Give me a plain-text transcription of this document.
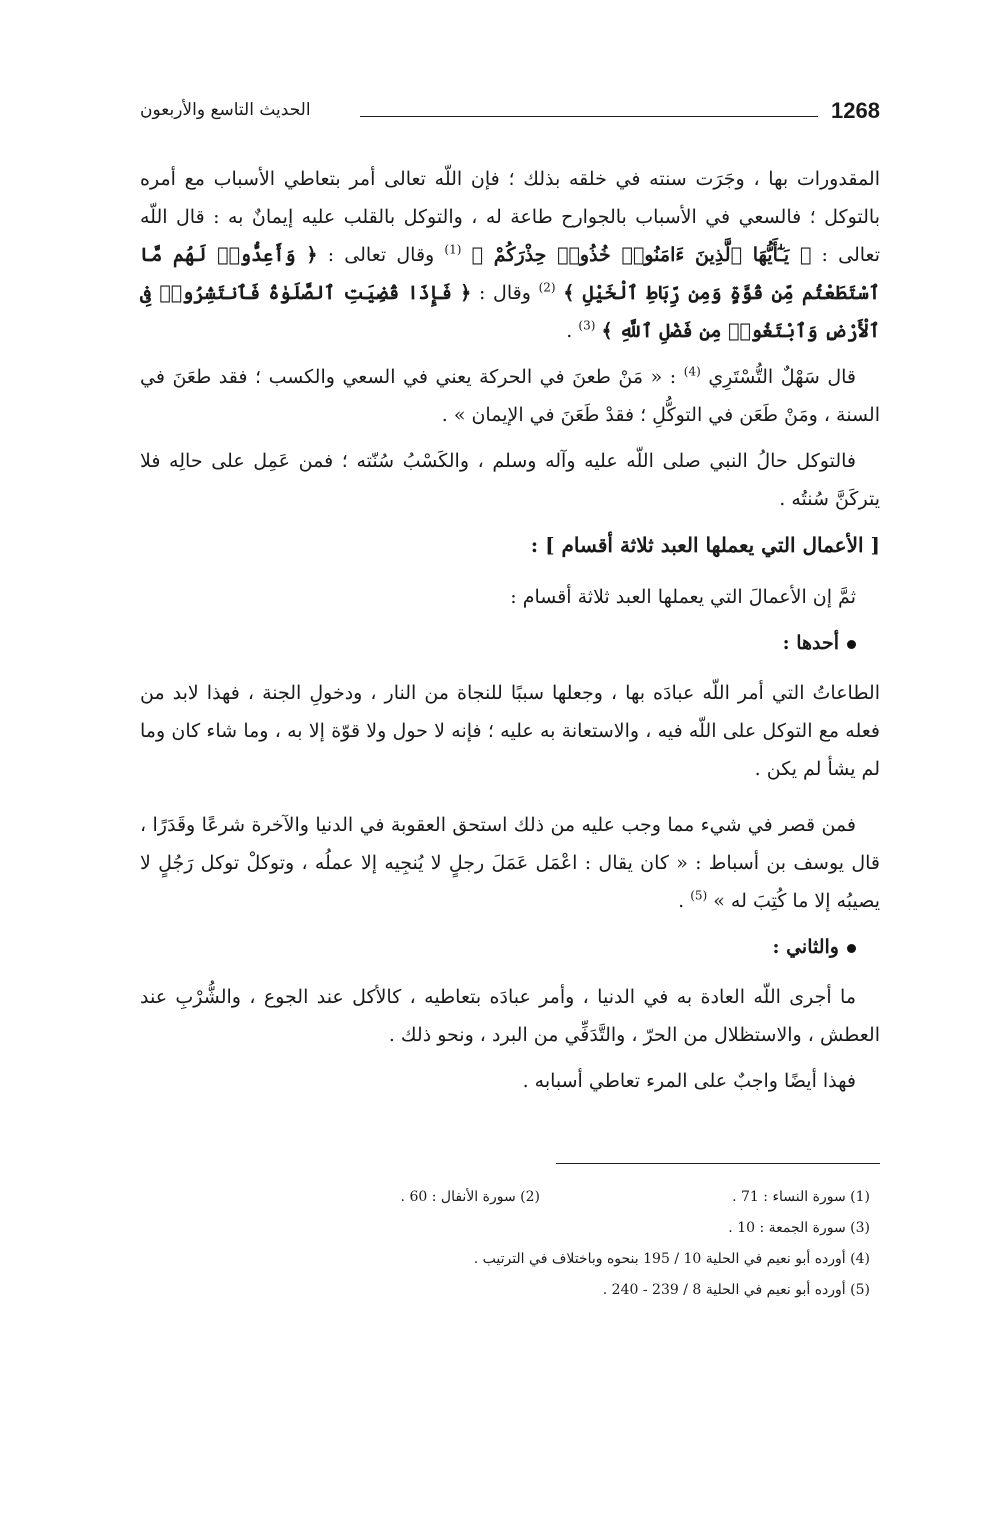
1268
الحديث التاسع والأربعون

المقدورات بها ، وجَرَت سنته في خلقه بذلك ؛ فإن اللّه تعالى أمر بتعاطي الأسباب مع أمره بالتوكل ؛ فالسعي في الأسباب بالجوارح طاعة له ، والتوكل بالقلب عليه إيمانٌ به : قال اللّه تعالى : ﴿ يَـٰٓأَيُّهَا ٱلَّذِينَ ءَامَنُوا۟ خُذُوا۟ حِذْرَكُمْ ﴾ $^{(1)}$ وقال تعالى : ﴿ وَأَعِدُّوا۟ لَهُم مَّا ٱسْتَطَعْتُم مِّن قُوَّةٍ وَمِن رِّبَاطِ ٱلْخَيْلِ ﴾ $^{(2)}$ وقال : ﴿ فَإِذَا قُضِيَتِ ٱلصَّلَوٰةُ فَٱنتَشِرُوا۟ فِى ٱلْأَرْضِ وَٱبْتَغُوا۟ مِن فَضْلِ ٱللَّهِ ﴾ $^{(3)}$ .

قال سَهْلٌ التُّسْتَرِي $^{(4)}$ : « مَنْ طعنَ في الحركة يعني في السعي والكسب ؛ فقد طعَنَ في السنة ، ومَنْ طَعَن في التوكُّلِ ؛ فقدْ طَعَنَ في الإيمان » .

فالتوكل حالُ النبي صلى اللّه عليه وآله وسلم ، والكَسْبُ سُنّته ؛ فمن عَمِل على حالِه فلا يتركَنَّ سُنتُه .

[ الأعمال التي يعملها العبد ثلاثة أقسام ] :

ثمَّ إن الأعمالَ التي يعملها العبد ثلاثة أقسام :

أحدها :

الطاعاتُ التي أمر اللّه عبادَه بها ، وجعلها سببًا للنجاة من النار ، ودخولِ الجنة ، فهذا لابد من فعله مع التوكل على اللّه فيه ، والاستعانة به عليه ؛ فإنه لا حول ولا قوّة إلا به ، وما شاء كان وما لم يشأ لم يكن .

فمن قصر في شيء مما وجب عليه من ذلك استحق العقوبة في الدنيا والآخرة شرعًا وقَدَرًا ، قال يوسف بن أسباط : « كان يقال : اعْمَل عَمَلَ رجلٍ لا يُنجِيه إلا عملُه ، وتوكلْ توكل رَجُلٍ لا يصيبُه إلا ما كُتِبَ له » $^{(5)}$ .

والثاني :

ما أجرى اللّه العادة به في الدنيا ، وأمر عبادَه بتعاطيه ، كالأكل عند الجوع ، والشُّرْبِ عند العطش ، والاستظلال من الحرّ ، والتَّدَفِّي من البرد ، ونحو ذلك .

فهذا أيضًا واجبٌ على المرء تعاطي أسبابه .

(1) سورة النساء : 71 .
(2) سورة الأنفال : 60 .
(3) سورة الجمعة : 10 .
(4) أورده أبو نعيم في الحلية 10 / 195 بنحوه وباختلاف في الترتيب .
(5) أورده أبو نعيم في الحلية 8 / 239 - 240 .
